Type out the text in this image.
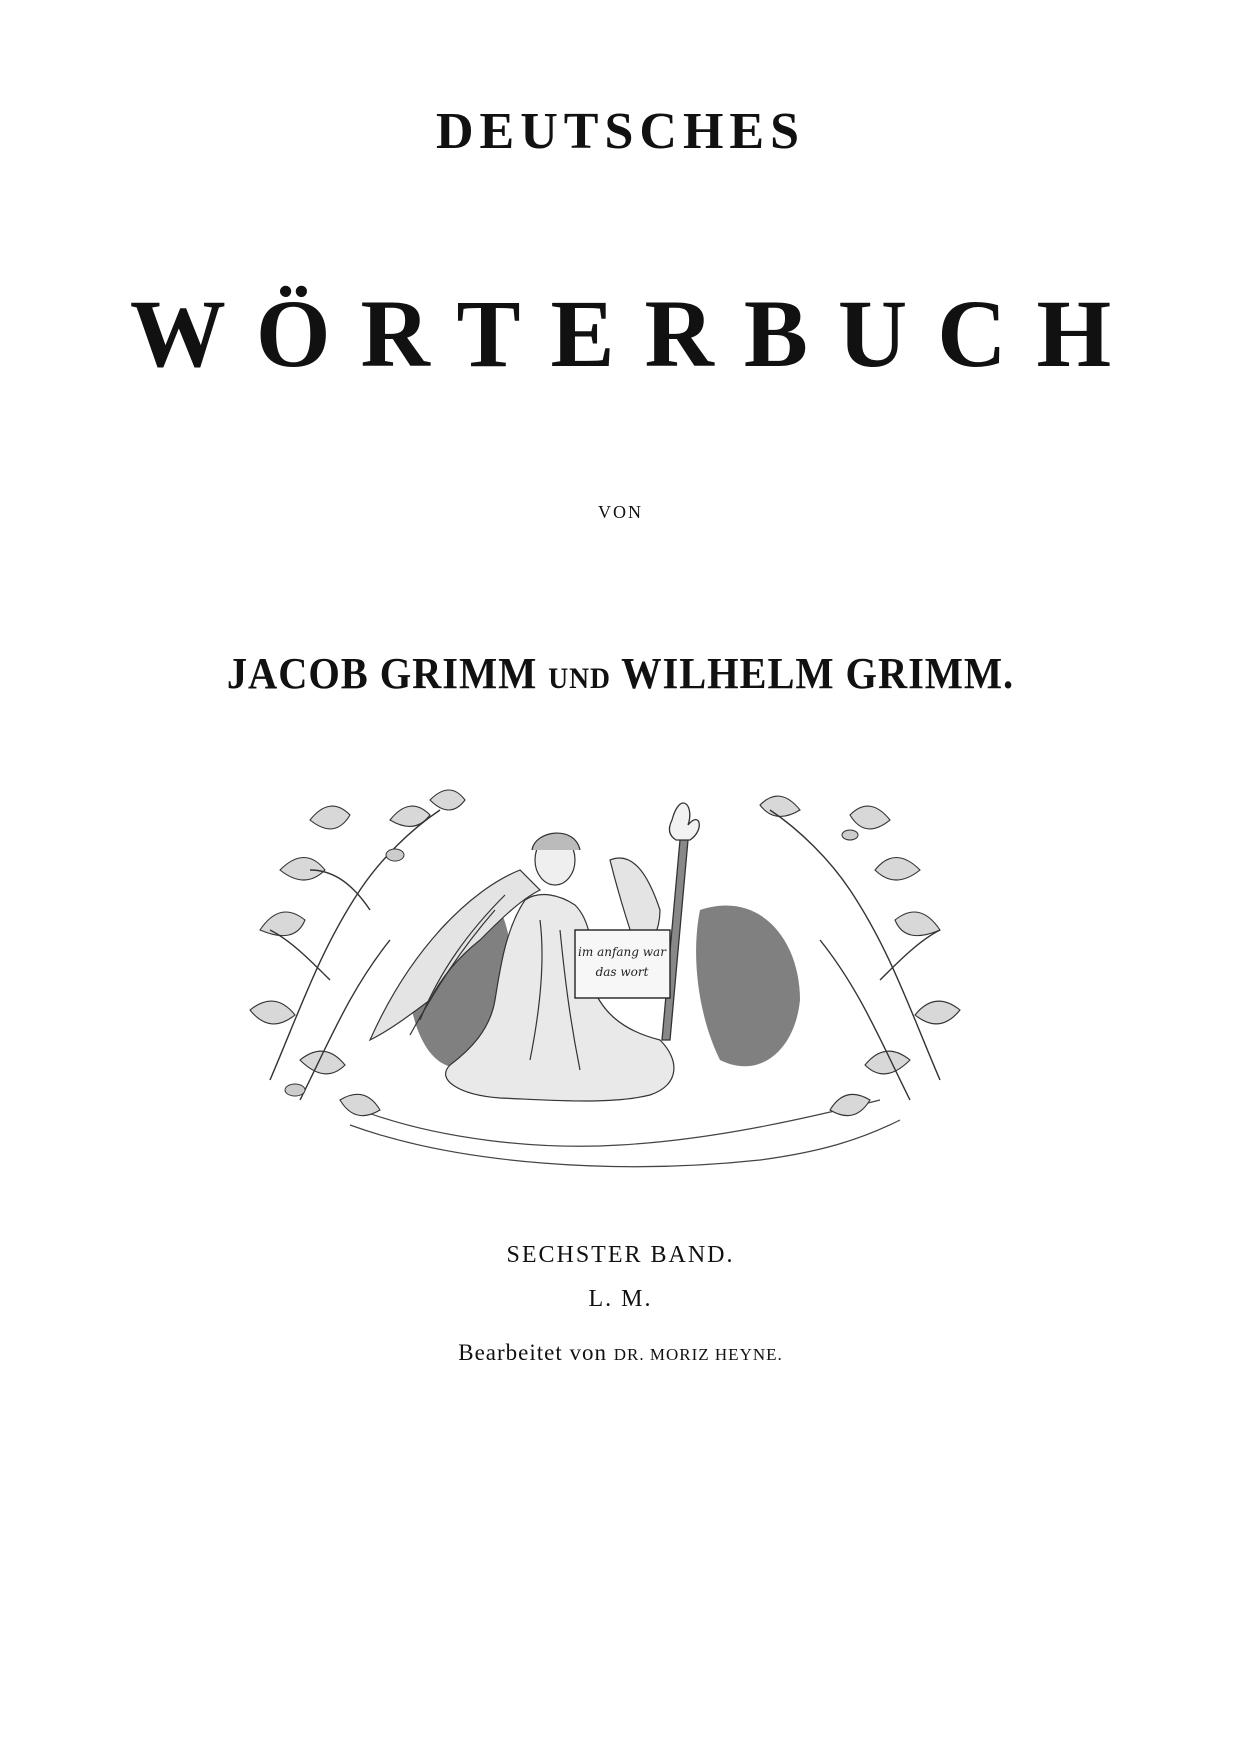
DEUTSCHES
WÖRTERBUCH
VON
JACOB GRIMM UND WILHELM GRIMM.
im anfang war
das wort
SECHSTER BAND.
L. M.
Bearbeitet von DR. MORIZ HEYNE.
